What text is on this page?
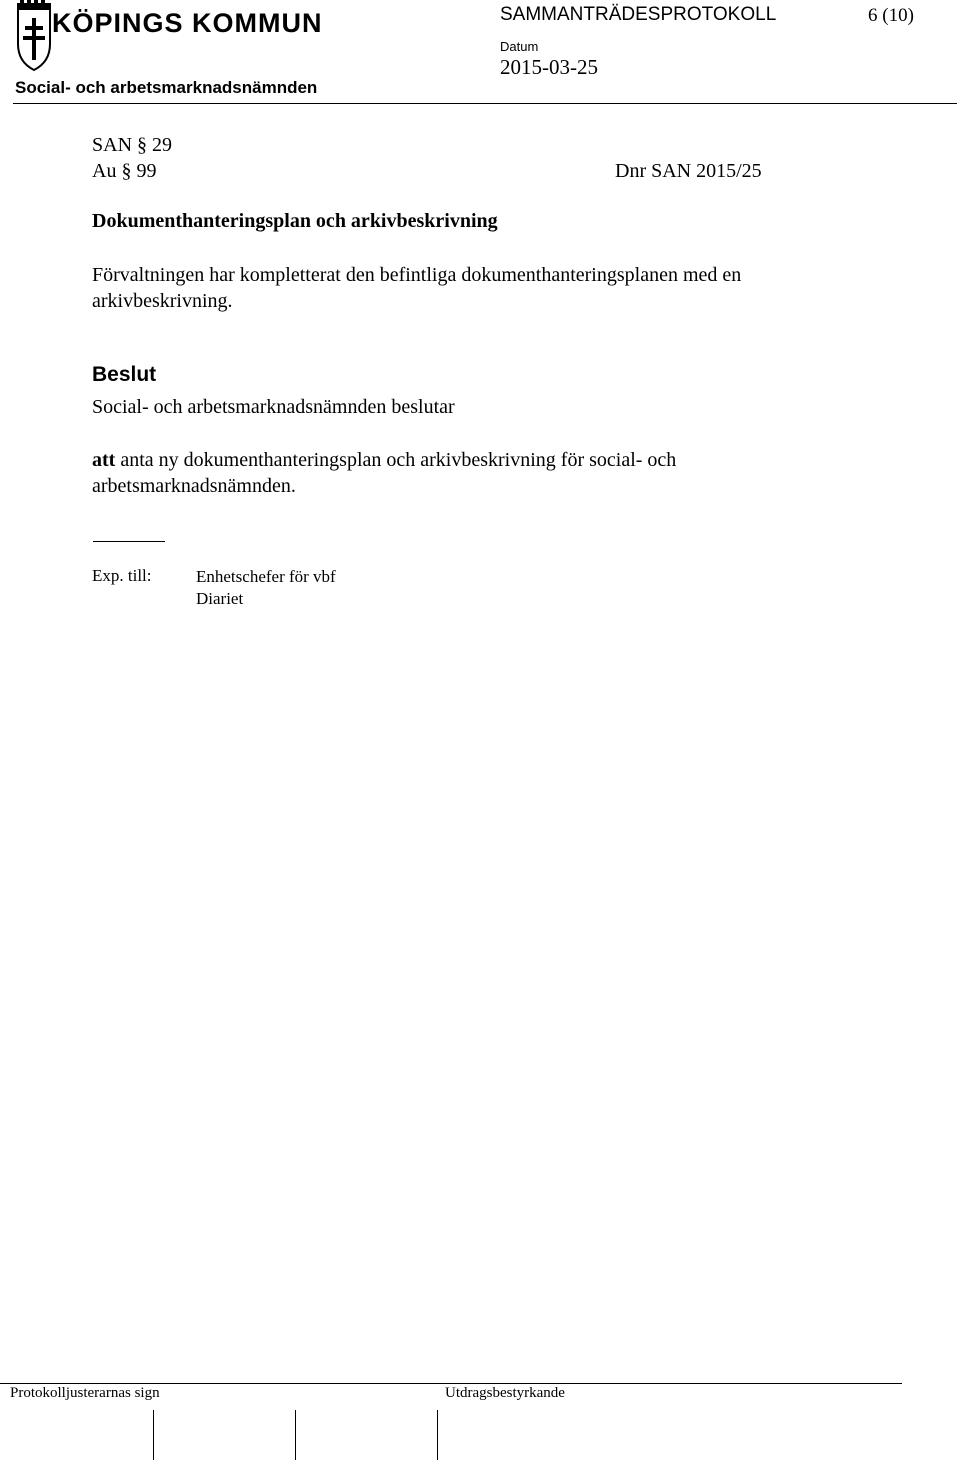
KÖPINGS KOMMUN	SAMMANTRÄDESPROTOKOLL	6 (10)
Datum
2015-03-25
Social- och arbetsmarknadsnämnden
SAN § 29
Au § 99	Dnr SAN 2015/25
Dokumenthanteringsplan och arkivbeskrivning
Förvaltningen har kompletterat den befintliga dokumenthanteringsplanen med en arkivbeskrivning.
Beslut
Social- och arbetsmarknadsnämnden beslutar
att anta ny dokumenthanteringsplan och arkivbeskrivning för social- och arbetsmarknadsnämnden.
Exp. till:	Enhetschefer för vbf
Diariet
Protokolljusterarnas sign	Utdragsbestyrkande
